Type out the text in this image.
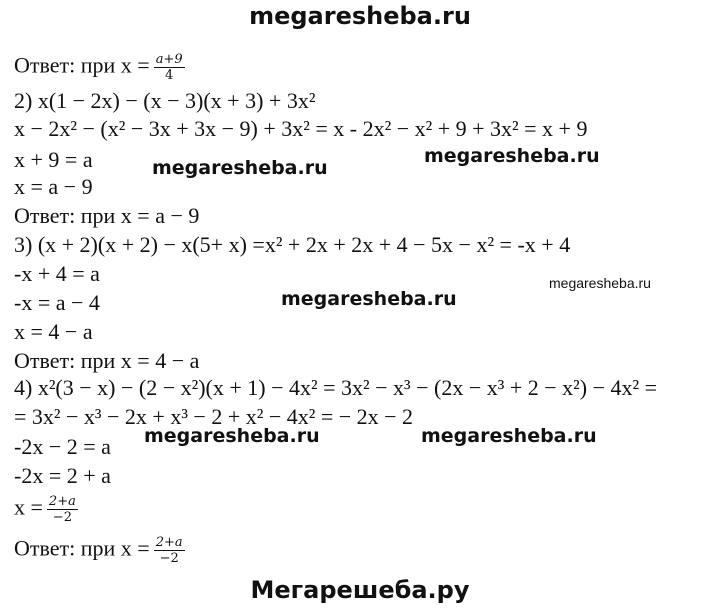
megaresheba.ru
Ответ: при $x = \frac{a+9}{4}$
2) x(1 − 2x) − (x − 3)(x + 3) + 3x²
x − 2x² − (x² − 3x + 3x − 9) + 3x² = x - 2x² − x² + 9 + 3x² = x + 9
x + 9 = a
x = a − 9
Ответ: при x = a − 9
3) (x + 2)(x + 2) − x(5+ x) =x² + 2x + 2x + 4 − 5x − x² = -x + 4
-x + 4 = a
-x = a − 4
x = 4 − a
Ответ: при x = 4 − a
4) x²(3 − x) − (2 − x²)(x + 1) − 4x² = 3x² − x³ − (2x − x³ + 2 − x²) − 4x² =
= 3x² − x³ − 2x + x³ − 2 + x² − 4x² = − 2x − 2
-2x − 2 = a
-2x = 2 + a
$x = \frac{2+a}{-2}$
Ответ: при $x = \frac{2+a}{-2}$
megaresheba.ru
megaresheba.ru
megaresheba.ru
megaresheba.ru
megaresheba.ru	megaresheba.ru
Мегарешеба.ру
